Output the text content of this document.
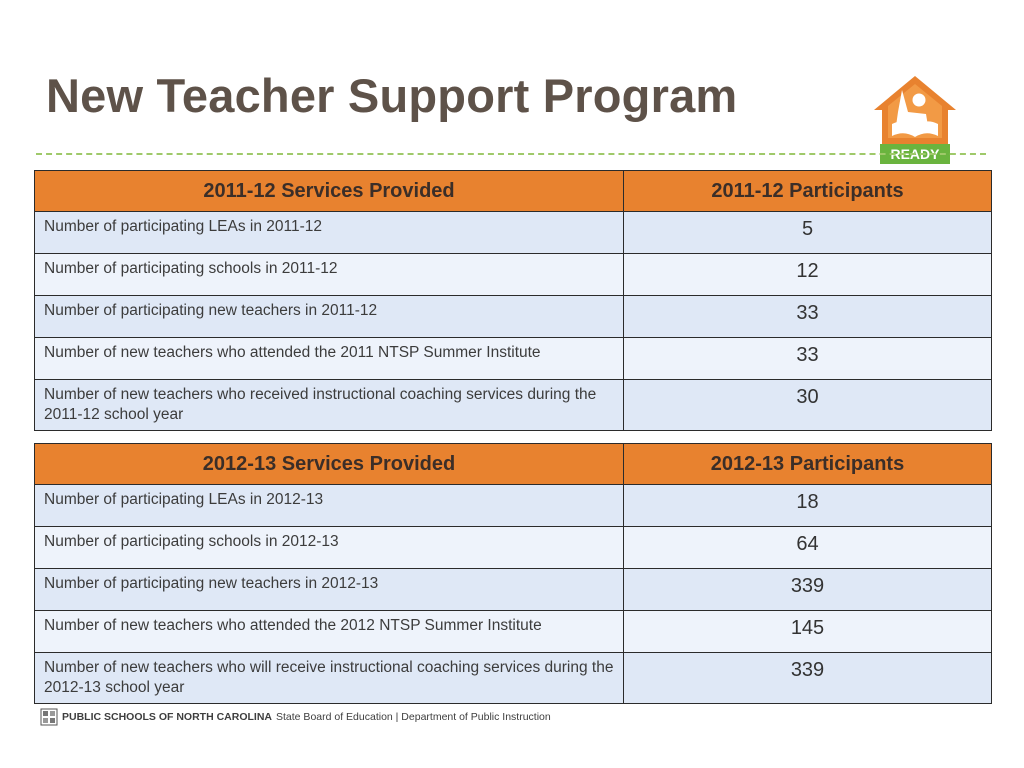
New Teacher Support Program
READY
2011-12 Services Provided	2011-12 Participants
Number of participating LEAs in 2011-12	5
Number of participating schools in 2011-12	12
Number of participating new teachers in 2011-12	33
Number of new teachers who attended the 2011 NTSP Summer Institute	33
Number of new teachers who received instructional coaching services during the 2011-12 school year	30
2012-13 Services Provided	2012-13 Participants
Number of participating LEAs in 2012-13	18
Number of participating schools in 2012-13	64
Number of participating new teachers in 2012-13	339
Number of new teachers who attended the 2012 NTSP Summer Institute	145
Number of new teachers who will receive instructional coaching services during the 2012-13 school year	339
PUBLIC SCHOOLS OF NORTH CAROLINA State Board of Education | Department of Public Instruction
